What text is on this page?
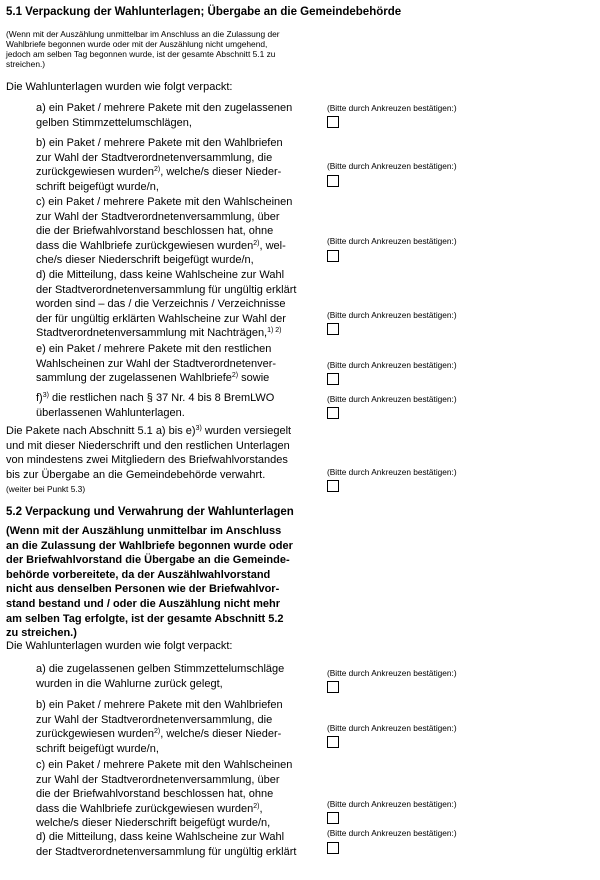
5.1 Verpackung der Wahlunterlagen; Übergabe an die Gemeindebehörde
(Wenn mit der Auszählung unmittelbar im Anschluss an die Zulassung der
Wahlbriefe begonnen wurde oder mit der Auszählung nicht umgehend,
jedoch am selben Tag begonnen wurde, ist der gesamte Abschnitt 5.1 zu
streichen.)
Die Wahlunterlagen wurden wie folgt verpackt:
a) ein Paket / mehrere Pakete mit den zugelassenen
gelben Stimmzettelumschlägen,
(Bitte durch Ankreuzen bestätigen:)
b) ein Paket / mehrere Pakete mit den Wahlbriefen
zur Wahl der Stadtverordnetenversammlung, die
zurückgewiesen wurden$^{2)}$, welche/s dieser Nieder-
schrift beigefügt wurde/n,
(Bitte durch Ankreuzen bestätigen:)
c) ein Paket / mehrere Pakete mit den Wahlscheinen
zur Wahl der Stadtverordnetenversammlung, über
die der Briefwahlvorstand beschlossen hat, ohne
dass die Wahlbriefe zurückgewiesen wurden$^{2)}$, wel-
che/s dieser Niederschrift beigefügt wurde/n,
(Bitte durch Ankreuzen bestätigen:)
d) die Mitteilung, dass keine Wahlscheine zur Wahl
der Stadtverordnetenversammlung für ungültig erklärt
worden sind – das / die Verzeichnis / Verzeichnisse
der für ungültig erklärten Wahlscheine zur Wahl der
Stadtverordnetenversammlung mit Nachträgen,$^{1) 2)}$
(Bitte durch Ankreuzen bestätigen:)
e) ein Paket / mehrere Pakete mit den restlichen
Wahlscheinen zur Wahl der Stadtverordnetenver-
sammlung der zugelassenen Wahlbriefe$^{2)}$ sowie
(Bitte durch Ankreuzen bestätigen:)
f)$^{3)}$ die restlichen nach § 37 Nr. 4 bis 8 BremLWO
überlassenen Wahlunterlagen.
(Bitte durch Ankreuzen bestätigen:)
Die Pakete nach Abschnitt 5.1 a) bis e)$^{3)}$ wurden versiegelt
und mit dieser Niederschrift und den restlichen Unterlagen
von mindestens zwei Mitgliedern des Briefwahlvorstandes
bis zur Übergabe an die Gemeindebehörde verwahrt.
(weiter bei Punkt 5.3)
(Bitte durch Ankreuzen bestätigen:)
5.2 Verpackung und Verwahrung der Wahlunterlagen
(Wenn mit der Auszählung unmittelbar im Anschluss
an die Zulassung der Wahlbriefe begonnen wurde oder
der Briefwahlvorstand die Übergabe an die Gemeinde-
behörde vorbereitete, da der Auszählwahlvorstand
nicht aus denselben Personen wie der Briefwahlvor-
stand bestand und / oder die Auszählung nicht mehr
am selben Tag erfolgte, ist der gesamte Abschnitt 5.2
zu streichen.)
Die Wahlunterlagen wurden wie folgt verpackt:
a) die zugelassenen gelben Stimmzettelumschläge
wurden in die Wahlurne zurück gelegt,
(Bitte durch Ankreuzen bestätigen:)
b) ein Paket / mehrere Pakete mit den Wahlbriefen
zur Wahl der Stadtverordnetenversammlung, die
zurückgewiesen wurden$^{2)}$, welche/s dieser Nieder-
schrift beigefügt wurde/n,
(Bitte durch Ankreuzen bestätigen:)
c) ein Paket / mehrere Pakete mit den Wahlscheinen
zur Wahl der Stadtverordnetenversammlung, über
die der Briefwahlvorstand beschlossen hat, ohne
dass die Wahlbriefe zurückgewiesen wurden$^{2)}$,
welche/s dieser Niederschrift beigefügt wurde/n,
(Bitte durch Ankreuzen bestätigen:)
d) die Mitteilung, dass keine Wahlscheine zur Wahl
der Stadtverordnetenversammlung für ungültig erklärt
(Bitte durch Ankreuzen bestätigen:)
